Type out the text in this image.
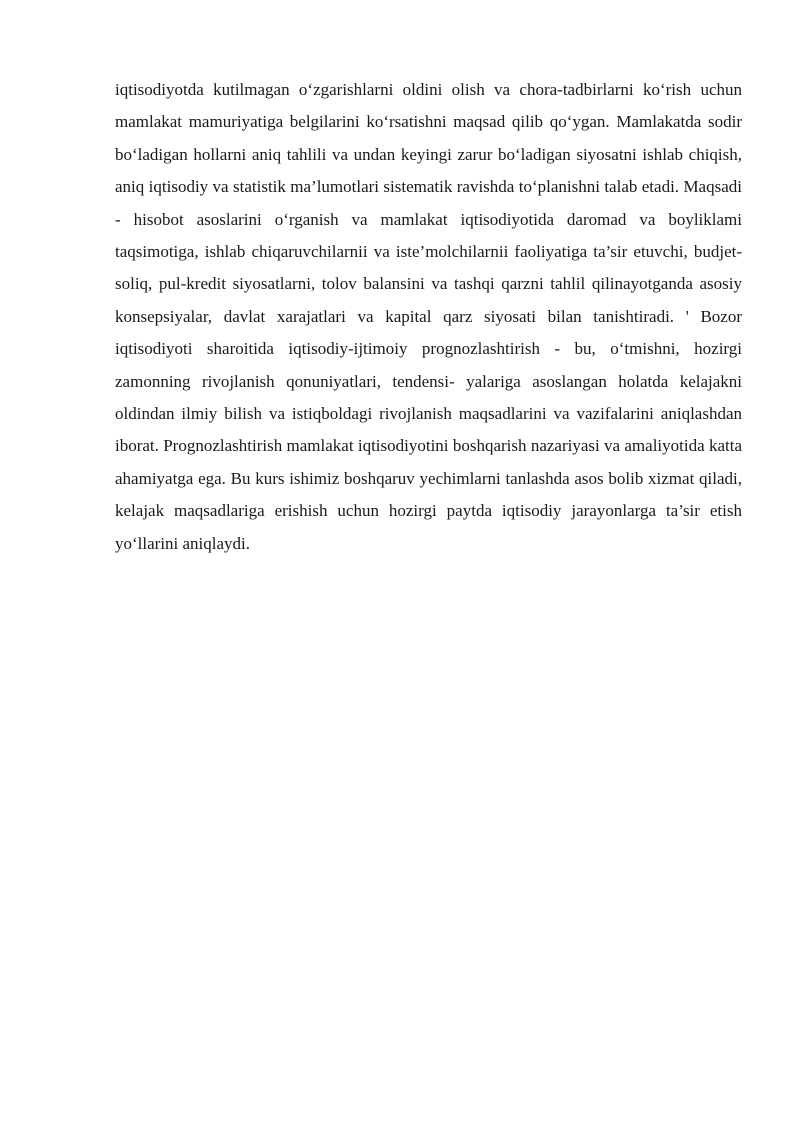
iqtisodiyotda kutilmagan o‘zgarishlarni oldini olish va chora-tadbirlarni ko‘rish uchun mamlakat mamuriyatiga belgilarini ko‘rsatishni maqsad qilib qo‘ygan. Mamlakatda sodir bo‘ladigan hollarni aniq tahlili va undan keyingi zarur bo‘ladigan siyosatni ishlab chiqish, aniq iqtisodiy va statistik ma’lumotlari sistematik ravishda to‘planishni talab etadi. Maqsadi - hisobot asoslarini o‘rganish va mamlakat iqtisodiyotida daromad va boyliklami taqsimotiga, ishlab chiqaruvchilarnii va iste’molchilarnii faoliyatiga ta’sir etuvchi, budjet-soliq, pul-kredit siyosatlarni, tolov balansini va tashqi qarzni tahlil qilinayotganda asosiy konsepsiyalar, davlat xarajatlari va kapital qarz siyosati bilan tanishtiradi. ' Bozor iqtisodiyoti sharoitida iqtisodiy-ijtimoiy prognozlashtirish - bu, o‘tmishni, hozirgi zamonning rivojlanish qonuniyatlari, tendensi- yalariga asoslangan holatda kelajakni oldindan ilmiy bilish va istiqboldagi rivojlanish maqsadlarini va vazifalarini aniqlashdan iborat. Prognozlashtirish mamlakat iqtisodiyotini boshqarish nazariyasi va amaliyotida katta ahamiyatga ega. Bu kurs ishimiz boshqaruv yechimlarni tanlashda asos bolib xizmat qiladi, kelajak maqsadlariga erishish uchun hozirgi paytda iqtisodiy jarayonlarga ta’sir etish yo‘llarini aniqlaydi.
